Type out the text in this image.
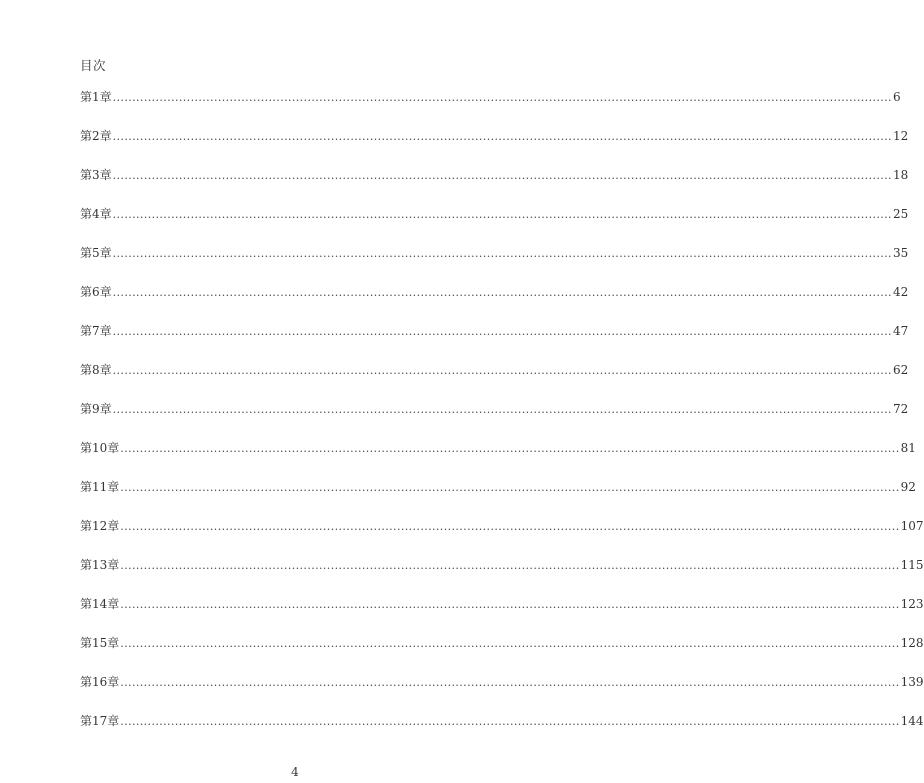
目次
第1章 ........................................................................................................................................................................................................ 6
第2章 ........................................................................................................................................................................................................ 12
第3章 ........................................................................................................................................................................................................ 18
第4章 ........................................................................................................................................................................................................ 25
第5章 ........................................................................................................................................................................................................ 35
第6章 ........................................................................................................................................................................................................ 42
第7章 ........................................................................................................................................................................................................ 47
第8章 ........................................................................................................................................................................................................ 62
第9章 ........................................................................................................................................................................................................ 72
第10章 ........................................................................................................................................................................................................ 81
第11章 ........................................................................................................................................................................................................ 92
第12章 ........................................................................................................................................................................................................ 107
第13章 ........................................................................................................................................................................................................ 115
第14章 ........................................................................................................................................................................................................ 123
第15章 ........................................................................................................................................................................................................ 128
第16章 ........................................................................................................................................................................................................ 139
第17章 ........................................................................................................................................................................................................ 144
4
